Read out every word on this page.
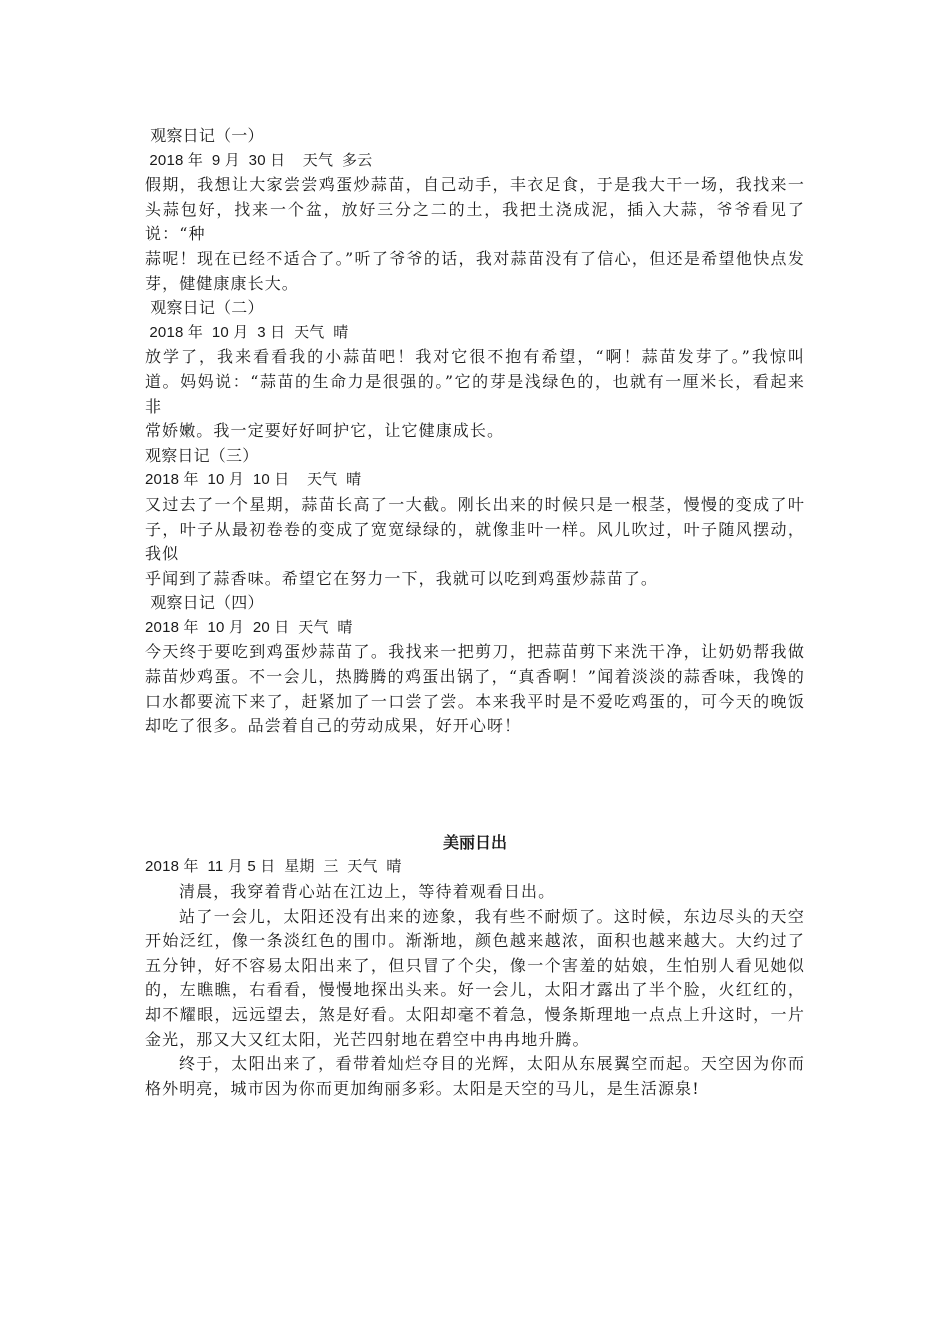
观察日记（一）
2018 年  9 月  30 日    天气  多云
假期，我想让大家尝尝鸡蛋炒蒜苗，自己动手，丰衣足食，于是我大干一场，我找来一头蒜包好，找来一个盆，放好三分之二的土，我把土浇成泥，插入大蒜，爷爷看见了说：“种
蒜呢！现在已经不适合了。”听了爷爷的话，我对蒜苗没有了信心，但还是希望他快点发芽，健健康康长大。
观察日记（二）
2018 年  10 月  3 日  天气  晴
放学了，我来看看我的小蒜苗吧！我对它很不抱有希望，“啊！蒜苗发芽了。”我惊叫道。妈妈说：“蒜苗的生命力是很强的。”它的芽是浅绿色的，也就有一厘米长，看起来非
常娇嫩。我一定要好好呵护它，让它健康成长。
观察日记（三）
2018 年  10 月  10 日    天气  晴
又过去了一个星期，蒜苗长高了一大截。刚长出来的时候只是一根茎，慢慢的变成了叶子，叶子从最初卷卷的变成了宽宽绿绿的，就像韭叶一样。风儿吹过，叶子随风摆动，我似
乎闻到了蒜香味。希望它在努力一下，我就可以吃到鸡蛋炒蒜苗了。
观察日记（四）
2018 年  10 月  20 日  天气  晴
今天终于要吃到鸡蛋炒蒜苗了。我找来一把剪刀，把蒜苗剪下来洗干净，让奶奶帮我做蒜苗炒鸡蛋。不一会儿，热腾腾的鸡蛋出锅了，“真香啊！”闻着淡淡的蒜香味，我馋的口水都要流下来了，赶紧加了一口尝了尝。本来我平时是不爱吃鸡蛋的，可今天的晚饭却吃了很多。品尝着自己的劳动成果，好开心呀！
美丽日出
2018 年  11 月 5 日  星期  三  天气  晴
清晨，我穿着背心站在江边上，等待着观看日出。
站了一会儿，太阳还没有出来的迹象，我有些不耐烦了。这时候，东边尽头的天空开始泛红，像一条淡红色的围巾。渐渐地，颜色越来越浓，面积也越来越大。大约过了五分钟，好不容易太阳出来了，但只冒了个尖，像一个害羞的姑娘，生怕别人看见她似的，左瞧瞧，右看看，慢慢地探出头来。好一会儿，太阳才露出了半个脸，火红红的，却不耀眼，远远望去，煞是好看。太阳却毫不着急，慢条斯理地一点点上升这时，一片金光，那又大又红太阳，光芒四射地在碧空中冉冉地升腾。
终于，太阳出来了，看带着灿烂夺目的光辉，太阳从东展翼空而起。天空因为你而格外明亮，城市因为你而更加绚丽多彩。太阳是天空的马儿，是生活源泉!
